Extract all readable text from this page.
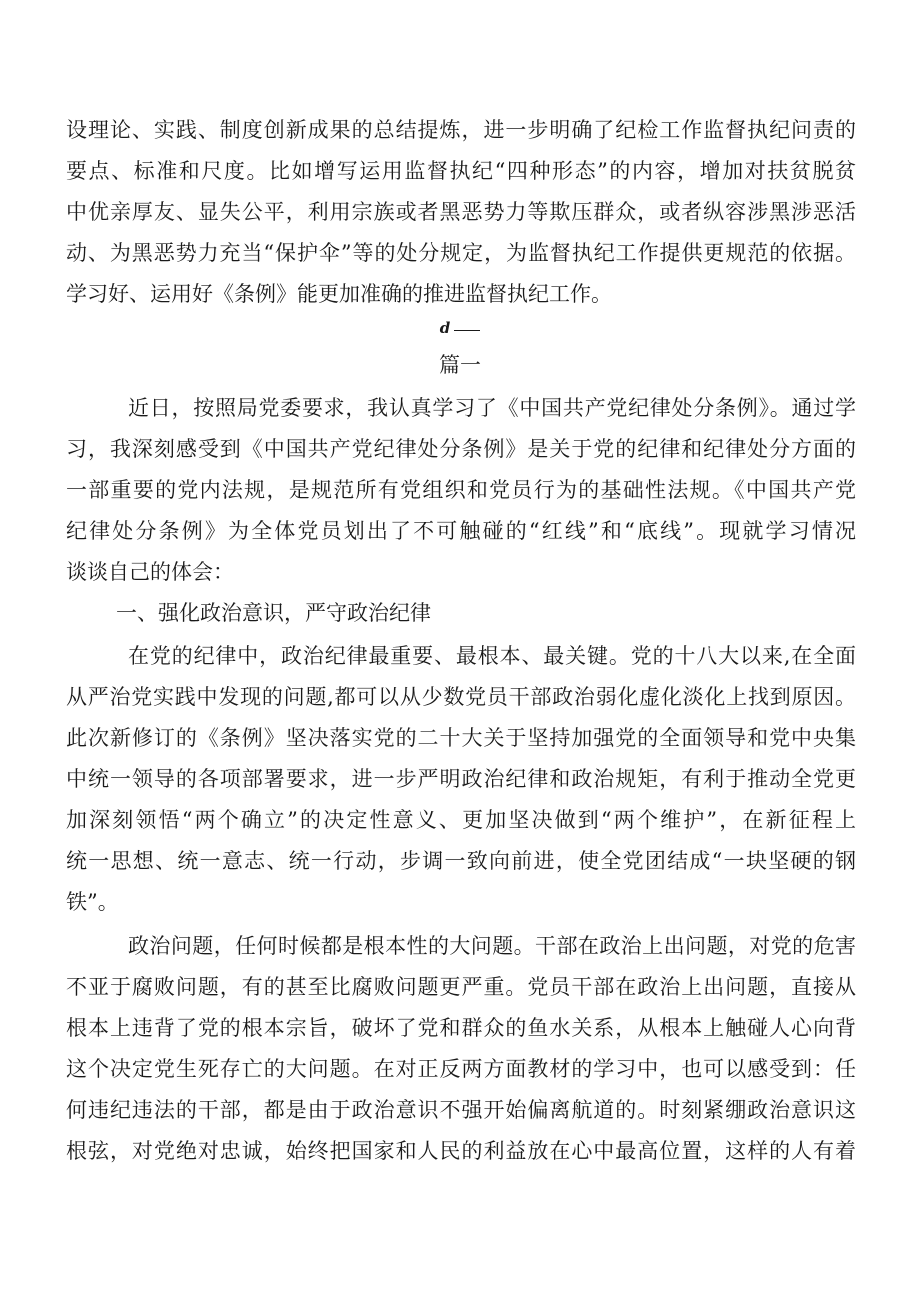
设理论、实践、制度创新成果的总结提炼，进一步明确了纪检工作监督执纪问责的
要点、标准和尺度。比如增写运用监督执纪“四种形态”的内容，增加对扶贫脱贫
中优亲厚友、显失公平，利用宗族或者黑恶势力等欺压群众，或者纵容涉黑涉恶活
动、为黑恶势力充当“保护伞”等的处分规定，为监督执纪工作提供更规范的依据。
学习好、运用好《条例》能更加准确的推进监督执纪工作。
d
篇一
近日，按照局党委要求，我认真学习了《中国共产党纪律处分条例》。通过学
习，我深刻感受到《中国共产党纪律处分条例》是关于党的纪律和纪律处分方面的
一部重要的党内法规，是规范所有党组织和党员行为的基础性法规。《中国共产党
纪律处分条例》为全体党员划出了不可触碰的“红线”和“底线”。现就学习情况
谈谈自己的体会：
一、强化政治意识，严守政治纪律
在党的纪律中，政治纪律最重要、最根本、最关键。党的十八大以来,在全面
从严治党实践中发现的问题,都可以从少数党员干部政治弱化虚化淡化上找到原因。
此次新修订的《条例》坚决落实党的二十大关于坚持加强党的全面领导和党中央集
中统一领导的各项部署要求，进一步严明政治纪律和政治规矩，有利于推动全党更
加深刻领悟“两个确立”的决定性意义、更加坚决做到“两个维护”，在新征程上
统一思想、统一意志、统一行动，步调一致向前进，使全党团结成“一块坚硬的钢
铁”。
政治问题，任何时候都是根本性的大问题。干部在政治上出问题，对党的危害
不亚于腐败问题，有的甚至比腐败问题更严重。党员干部在政治上出问题，直接从
根本上违背了党的根本宗旨，破坏了党和群众的鱼水关系，从根本上触碰人心向背
这个决定党生死存亡的大问题。在对正反两方面教材的学习中，也可以感受到：任
何违纪违法的干部，都是由于政治意识不强开始偏离航道的。时刻紧绷政治意识这
根弦，对党绝对忠诚，始终把国家和人民的利益放在心中最高位置，这样的人有着
